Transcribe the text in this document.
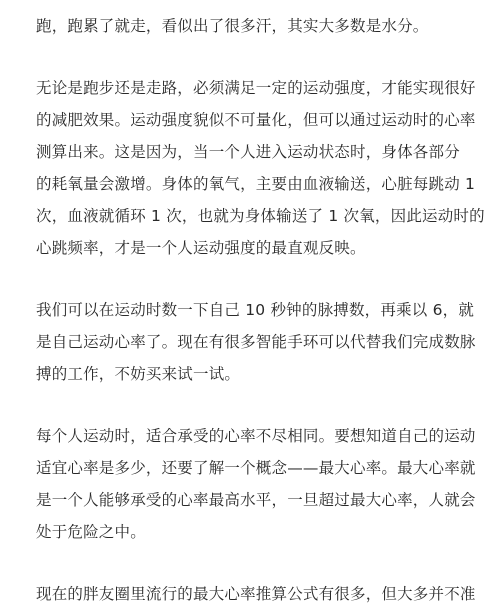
跑，跑累了就走，看似出了很多汗，其实大多数是水分。
无论是跑步还是走路，必须满足一定的运动强度，才能实现很好
的减肥效果。运动强度貌似不可量化，但可以通过运动时的心率
测算出来。这是因为，当一个人进入运动状态时，身体各部分
的耗氧量会激增。身体的氧气，主要由血液输送，心脏每跳动 1
次，血液就循环 1 次，也就为身体输送了 1 次氧，因此运动时的
心跳频率，才是一个人运动强度的最直观反映。
我们可以在运动时数一下自己 10 秒钟的脉搏数，再乘以 6，就
是自己运动心率了。现在有很多智能手环可以代替我们完成数脉
搏的工作，不妨买来试一试。
每个人运动时，适合承受的心率不尽相同。要想知道自己的运动
适宜心率是多少，还要了解一个概念——最大心率。最大心率就
是一个人能够承受的心率最高水平，一旦超过最大心率，人就会
处于危险之中。
现在的胖友圈里流行的最大心率推算公式有很多，但大多并不准
